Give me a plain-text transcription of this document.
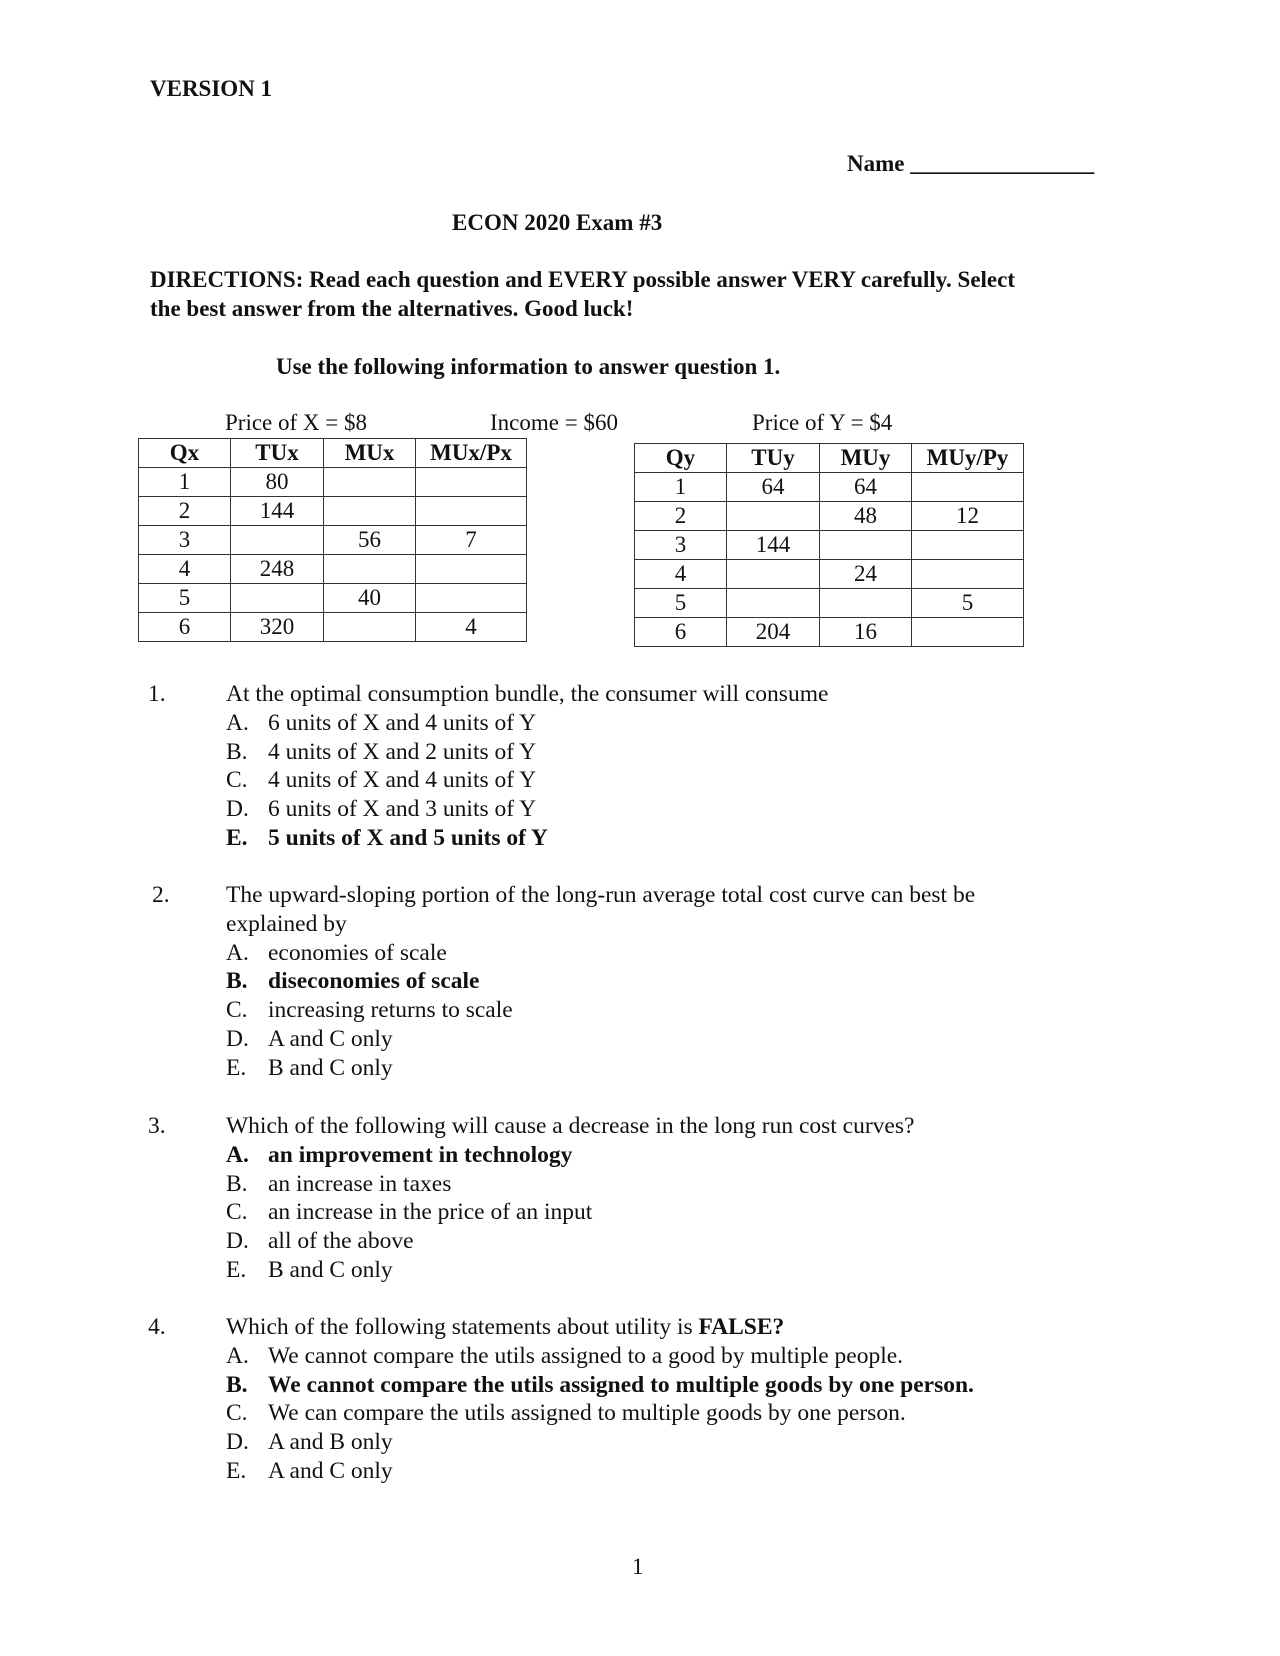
VERSION 1
Name ________________
ECON 2020 Exam #3
DIRECTIONS: Read each question and EVERY possible answer VERY carefully. Select
the best answer from the alternatives. Good luck!
Use the following information to answer question 1.
Price of X = $8	Income = $60	Price of Y = $4
Qx	TUx	MUx	MUx/Px
1	80		
2	144		
3		56	7
4	248		
5		40	
6	320		4
Qy	TUy	MUy	MUy/Py
1	64	64	
2		48	12
3	144		
4		24	
5			5
6	204	16	
1.	At the optimal consumption bundle, the consumer will consume
A. 6 units of X and 4 units of Y
B. 4 units of X and 2 units of Y
C. 4 units of X and 4 units of Y
D. 6 units of X and 3 units of Y
E. 5 units of X and 5 units of Y
2. The upward-sloping portion of the long-run average total cost curve can best be
explained by
A. economies of scale
B. diseconomies of scale
C. increasing returns to scale
D. A and C only
E. B and C only
3.	Which of the following will cause a decrease in the long run cost curves?
A. an improvement in technology
B. an increase in taxes
C. an increase in the price of an input
D. all of the above
E. B and C only
4.	Which of the following statements about utility is FALSE?
A. We cannot compare the utils assigned to a good by multiple people.
B. We cannot compare the utils assigned to multiple goods by one person.
C. We can compare the utils assigned to multiple goods by one person.
D. A and B only
E. A and C only
1
